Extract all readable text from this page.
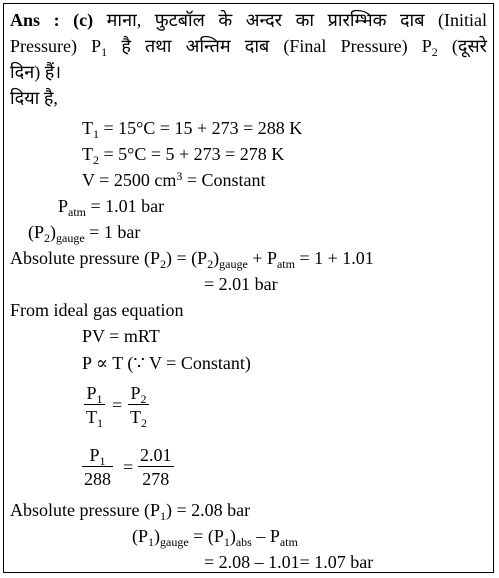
Ans : (c) माना, फुटबॉल के अन्दर का प्रारम्भिक दाब (Initial
Pressure) $P_1$ है तथा अन्तिम दाब (Final Pressure) $P_2$ (दूसरे
दिन) हैं।
दिया है,
$T_1 = 15^\circ C = 15 + 273 = 288$ K
$T_2 = 5^\circ C = 5 + 273 = 278$ K
V = 2500 $cm^3$ = Constant
$P_{atm} = 1.01$ bar
$(P_2)_{gauge} = 1$ bar
Absolute pressure $(P_2) = (P_2)_{gauge} + P_{atm} = 1 + 1.01$
= 2.01 bar
From ideal gas equation
PV = mRT
P ∝ T (∵ V = Constant)
$\frac{P_1}{T_1} = \frac{P_2}{T_2}$
$\frac{P_1}{288} = \frac{2.01}{278}$
Absolute pressure $(P_1) = 2.08$ bar
$(P_1)_{gauge} = (P_1)_{abs} - P_{atm}$
= 2.08 – 1.01= 1.07 bar
